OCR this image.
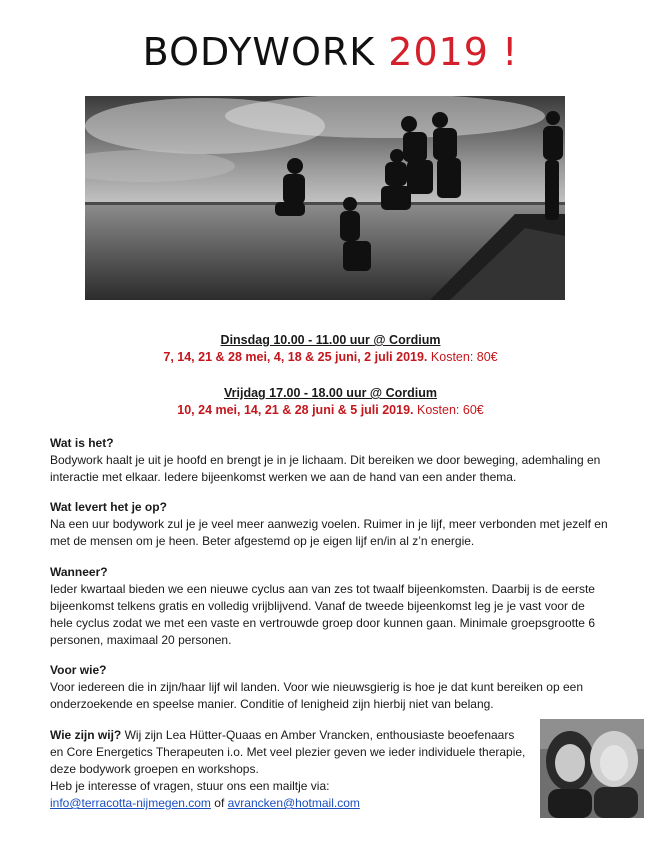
BODYWORK 2019 !
Dinsdag 10.00 - 11.00 uur @ Cordium
7, 14, 21 & 28 mei, 4, 18 & 25 juni, 2 juli 2019. Kosten: 80€
Vrijdag 17.00 - 18.00 uur @ Cordium
10, 24 mei, 14, 21 & 28 juni & 5 juli 2019. Kosten: 60€
Wat is het?

Bodywork haalt je uit je hoofd en brengt je in je lichaam. Dit bereiken we door beweging, ademhaling en interactie met elkaar. Iedere bijeenkomst werken we aan de hand van een ander thema.

Wat levert het je op?

Na een uur bodywork zul je je veel meer aanwezig voelen. Ruimer in je lijf, meer verbonden met jezelf en met de mensen om je heen. Beter afgestemd op je eigen lijf en/in al z’n energie.

Wanneer?

Ieder kwartaal bieden we een nieuwe cyclus aan van zes tot twaalf bijeenkomsten. Daarbij is de eerste bijeenkomst telkens gratis en volledig vrijblijvend. Vanaf de tweede bijeenkomst leg je je vast voor de hele cyclus zodat we met een vaste en vertrouwde groep door kunnen gaan. Minimale groepsgrootte 6 personen, maximaal 20 personen.

Voor wie?

Voor iedereen die in zijn/haar lijf wil landen. Voor wie nieuwsgierig is hoe je dat kunt bereiken op een onderzoekende en speelse manier. Conditie of lenigheid zijn hierbij niet van belang.

Wie zijn wij? Wij zijn Lea Hütter-Quaas en Amber Vrancken, enthousiaste beoefenaars en Core Energetics Therapeuten i.o. Met veel plezier geven we ieder individuele therapie, deze bodywork groepen en workshops.
Heb je interesse of vragen, stuur ons een mailtje via:
info@terracotta-nijmegen.com of avrancken@hotmail.com
